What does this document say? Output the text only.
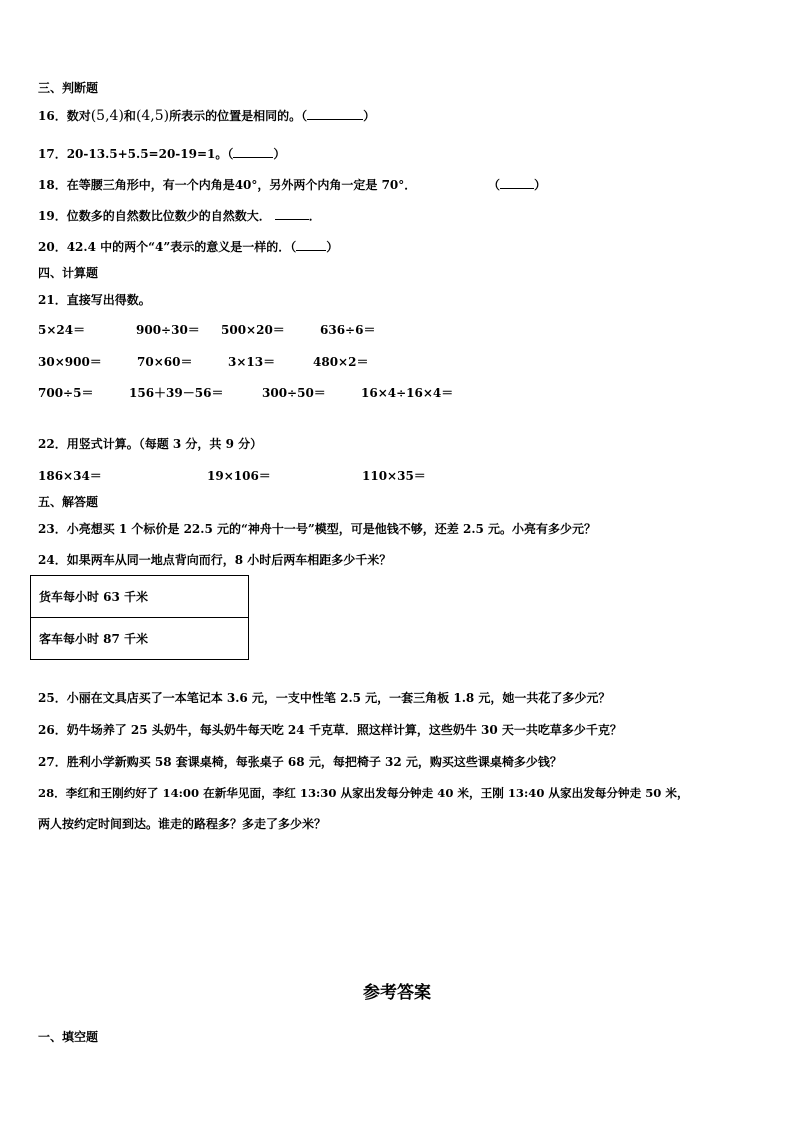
三、判断题
16．数对(5,4)和(4,5)所表示的位置是相同的。（	）
17．20-13.5+5.5=20-19=1。（	）
18．在等腰三角形中，有一个内角是40°，另外两个内角一定是 70°．	（	）
19．位数多的自然数比位数少的自然数大．	．
20．42.4 中的两个“4”表示的意义是一样的．（	）
四、计算题
21．直接写出得数。
5×24＝	900÷30＝ 500×20＝	636÷6＝
30×900＝	70×60＝	3×13＝	480×2＝
700÷5＝	156＋39－56＝	300÷50＝	16×4÷16×4＝
22．用竖式计算。（每题 3 分，共 9 分）
186×34＝	19×106＝	110×35＝
五、解答题
23．小亮想买 1 个标价是 22.5 元的“神舟十一号”模型，可是他钱不够，还差 2.5 元。小亮有多少元？
24．如果两车从同一地点背向而行，8 小时后两车相距多少千米？
货车每小时 63 千米
客车每小时 87 千米
25．小丽在文具店买了一本笔记本 3.6 元，一支中性笔 2.5 元，一套三角板 1.8 元，她一共花了多少元？
26．奶牛场养了 25 头奶牛，每头奶牛每天吃 24 千克草．照这样计算，这些奶牛 30 天一共吃草多少千克？
27．胜利小学新购买 58 套课桌椅，每张桌子 68 元，每把椅子 32 元，购买这些课桌椅多少钱？
28．李红和王刚约好了 14:00 在新华见面，李红 13:30 从家出发每分钟走 40 米，王刚 13:40 从家出发每分钟走 50 米，
两人按约定时间到达。谁走的路程多？多走了多少米？
参考答案
一、填空题
